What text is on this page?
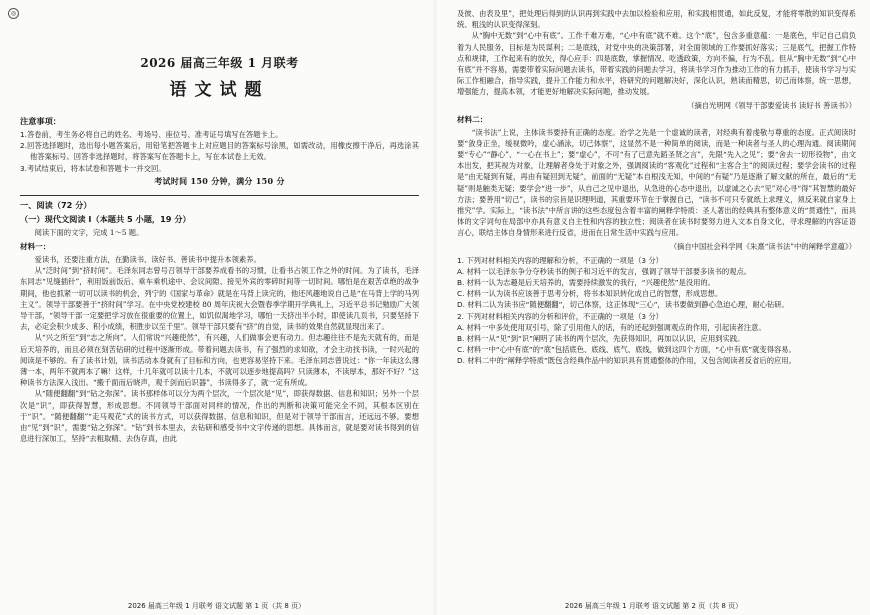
◎
2026 届高三年级 1 月联考
语文试题
注意事项：

1.答卷前，考生务必将自己的姓名、考场号、座位号、准考证号填写在答题卡上。

2.回答选择题时，选出每小题答案后，用铅笔把答题卡上对应题目的答案标号涂黑，如需改动，用橡皮擦干净后，再选涂其他答案标号。回答非选择题时，将答案写在答题卡上，写在本试卷上无效。

3.考试结束后，将本试卷和答题卡一并交回。

考试时间 150 分钟，满分 150 分
一、阅读（72 分）
（一）现代文阅读 I（本题共 5 小题，19 分）

阅读下面的文字，完成 1～5 题。

材料一：

爱读书，还要注重方法，在勤读书、读好书、善读书中提升本领素养。

从“泛时间”到“挤时间”。毛泽东同志曾号召领导干部要养成看书的习惯，让看书占领工作之外的时间。为了读书，毛泽东同志“见缝插针”，利用饭前饭后、乘车乘机途中、会议间隙、接见外宾的零碎时间等一切时间。哪怕是在艰苦卓绝的战争期间，他也抓紧一切可以读书的机会，列宁的《国家与革命》就是在马背上读完的，他还风趣地说自己是“在马背上学的马列主义”。领导干部要善于“挤时间”学习。在中央党校建校 80 周年庆祝大会暨春季学期开学典礼上，习近平总书记勉励广大领导干部，“领导干部一定要把学习放在很重要的位置上，如饥似渴地学习，哪怕一天挤出半小时，即使读几页书，只要坚持下去，必定会积少成多、积小成绩，积胜步以至千里”。领导干部只要有“挤”的自觉，读书的效果自然就显现出来了。

从“兴之所至”到“志之所向”。人们常说“兴趣使然”，有兴趣，人们做事会更有动力。但志趣往往不是先天就有的，而是后天培养的，而且必须在刻苦钻研的过程中逐渐形成。带着问题去读书，有了强烈的求知欲，才会主动找书读，一时兴起的阅读是不够的。有了读书计划，读书活动本身就有了目标和方向，也更容易坚持下来。毛泽东同志曾说过：“你一年读这么薄薄一本，两年不就两本了嘛！这样，十几年就可以读十几本，不就可以逐步地提高吗？只读薄本，不读厚本，那好不好？”这种读书方法深入浅出。“搬千面而后晓声，观千剑而后识器”，书读得多了，就一定有所成。

从“随便翻翻”到“钻之弥深”。读书那样体可以分为两个层次，一个层次是“见”，即获得数据、信息和知识；另外一个层次是“识”，即获得智慧，形成思想。不同领导干部面对同样的情况，作出的判断和决策可能完全不同，其根本区别在于“识”。“随便翻翻”“走马观花”式的读书方式，可以获得数据、信息和知识，但是对于领导干部而言，还远远不够。要想由“见”到“识”，需要“钻之弥深”。“钻”到书本里去，去钻研和感受书中文字传递的思想。具体而言，就是要对读书得到的信息进行深加工，坚持“去粗取精、去伪存真，由此

2026 届高三年级 1 月联考 语文试题 第 1 页（共 8 页）

及彼、由表及里”，把处理后得到的认识再到实践中去加以检验和应用，和实践相贯通，如此反复，才能将零散的知识变得系统、粗浅的认识变得深刻。

从“胸中无数”到“心中有底”。工作千难万难，“心中有底”就不难。这个“底”，包含多重意蕴：一是底色，牢记自己肩负着为人民服务，目标是为民谋利；二是底线，对党中央的决策部署，对全面领域的工作要抓好落实；三是底气，把握工作特点和规律，工作起来有的放矢，得心应手：四是底数，掌握情况、吃透政策，方向不偏，行为不乱。但从“胸中无数”到“心中有底”并不容易，需要带着实际问题去读书，带着实践的问题去学习，将读书学习作为推动工作的有力抓手，使读书学习与实际工作相融合，指导实践，提升工作能力和水平，将研究的问题解决好，深化认识，熟读而精思，切己而体察，统一思想，增强能力，提高本领，才能更好地解决实际问题，推动发展。

（摘自光明网《领导干部要爱读书 读好书 善读书》）
材料二：

“读书法”上说，主体读书要持有正确的态度。治学之先是一个虚诚的读者，对经典有着虔敬与尊重的态度。正式阅读时要“敛身正坐，缓视微吟，虚心涵泳，切己体察”，这显然不是一种简单的阅读，而是一种读者与圣人的心理沟通。阅读期间要“专心”“静心”、“一心在书上”；要“虚心”，不可“有了已意先蹈圣贤之言”，先限“先入之见”；要“舍去一切形役物”，由文本出发，把其视为对象，让理解者身处于对象之外，强调阅读的“客观化”过程和“主客合主”的阅读过程；要学会读书的过程是“由无疑到有疑，再由有疑回到无疑”，前面的“无疑”本自根浅无知，中间的“有疑”乃是逐渐了解文献的所在，最后的“无疑”则是触类无疑；要学会“进一步”，从自己之见中退出，从急进的心态中退出，以虚诚之心去“见”对心寻“得”其智慧的最好方法；要善用“切己”，读书的宗旨是识理明道，其重要环节在于掌握自己，“读书不可只专就纸上求理义，须反来就自家身上推究”学。实际上，“读书法”中所言讲的这些态度包含着丰富的阐释学特质：圣人著出的经典具有整体意义的“贯通性”，而具体的文字词句在局部中亦具有意义自主性和内容的独立性；阅读者在读书时要努力进入文本自身文化，寻求理解的内容证语言心，联结主体自身情形来进行反省，进而在日常生活中实践与应用。

（摘自中国社会科学网《朱熹“读书法”中的阐释学意蕴》）

1. 下列对材料相关内容的理解和分析，不正确的一项是（3 分）

A. 材料一以毛泽东争分夺秒读书的例子和习近平的发言，强调了领导干部要多读书的观点。

B. 材料一认为志趣是后天培养的，需要持续激发的我行，“兴趣使然”是没用的。

C. 材料一认为读书应该善于思考分析，将书本知识转化成自己的智慧，形成思想。

D. 材料二认为读书应“随便翻翻”，切己体察，这正体现“三心”，读书要做到静心急迫心理，耐心钻研。

2. 下列对材料相关内容的分析和评价，不正确的一项是（3 分）

A. 材料一中多处使用双引号，除了引用他人的话，有的还起到强调观点的作用，引起读者注意。

B. 材料一从“见”到“识”阐明了读书的两个层次，先获得知识，再加以认识，应用到实践。

C. 材料一中“心中有底”的“底”包括底色、底线、底气、底线，做到这四个方面，“心中有底”就变得容易。

D. 材料二中的“阐释学特质”既包含经典作品中的知识具有贯通整体的作用，又包含阅读者反省后的应用。

2026 届高三年级 1 月联考 语文试题 第 2 页（共 8 页）
